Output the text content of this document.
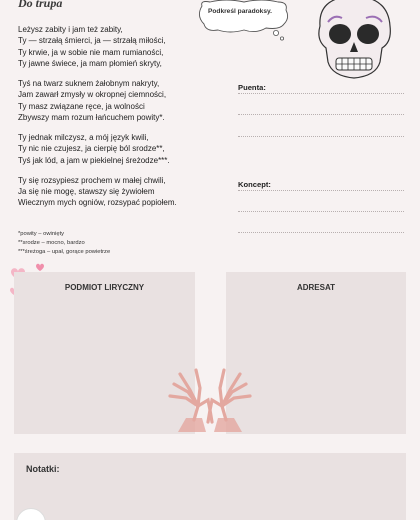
Do trupa
Leżysz zabity i jam też zabity,
Ty — strzałą śmierci, ja — strzałą miłości,
Ty krwie, ja w sobie nie mam rumianości,
Ty jawne świece, ja mam płomień skryty,
Tyś na twarz suknem żałobnym nakryty,
Jam zawarł zmysły w okropnej ciemności,
Ty masz związane ręce, ja wolności
Zbywszy mam rozum łańcuchem powity*.
Ty jednak milczysz, a mój język kwili,
Ty nic nie czujesz, ja cierpię ból srodze**,
Tyś jak lód, a jam w piekielnej śreżodze***.
Ty się rozsypiesz prochem w małej chwili,
Ja się nie mogę, stawszy się żywiołem
Wiecznym mych ogniów, rozsypać popiołem.
*powity – owinięty
**srodze – mocno, bardzo
***śreżoga – upał, gorące powietrze
Podkreśl paradoksy.
Puenta:
Koncept:
PODMIOT LIRYCZNY	ADRESAT
Notatki:
